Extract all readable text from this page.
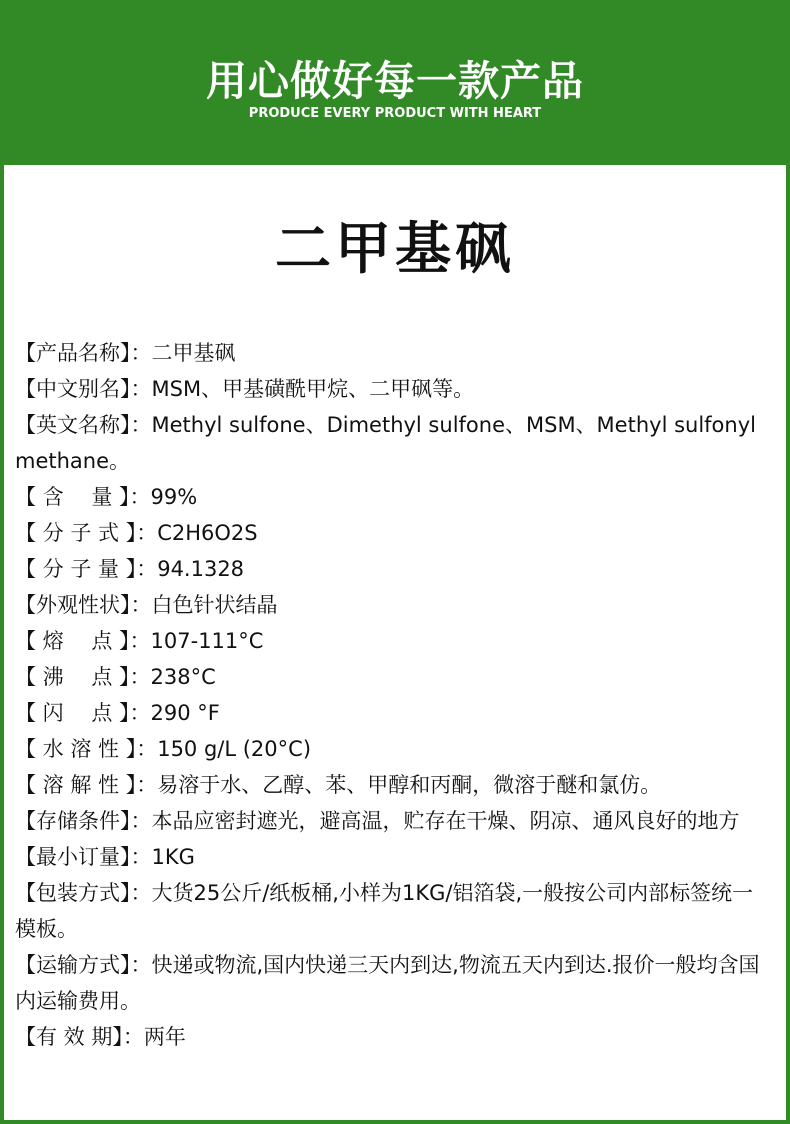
用心做好每一款产品
PRODUCE EVERY PRODUCT WITH HEART
二甲基砜

【产品名称】：二甲基砜

【中文别名】：MSM、甲基磺酰甲烷、二甲砜等。

【英文名称】：Methyl sulfone、Dimethyl sulfone、MSM、Methyl sulfonyl methane。

【 含　 量 】：99%

【 分 子 式 】：C2H6O2S

【 分 子 量 】：94.1328

【外观性状】：白色针状结晶

【 熔　 点 】：107-111°C

【 沸　 点 】：238°C

【 闪　 点 】：290 °F

【 水 溶 性 】：150 g/L (20°C)

【 溶 解 性 】：易溶于水、乙醇、苯、甲醇和丙酮，微溶于醚和氯仿。

【存储条件】：本品应密封遮光，避高温，贮存在干燥、阴凉、通风良好的地方

【最小订量】：1KG

【包装方式】：大货25公斤/纸板桶,小样为1KG/铝箔袋,一般按公司内部标签统一模板。

【运输方式】：快递或物流,国内快递三天内到达,物流五天内到达.报价一般均含国内运输费用。

【有 效 期】：两年
